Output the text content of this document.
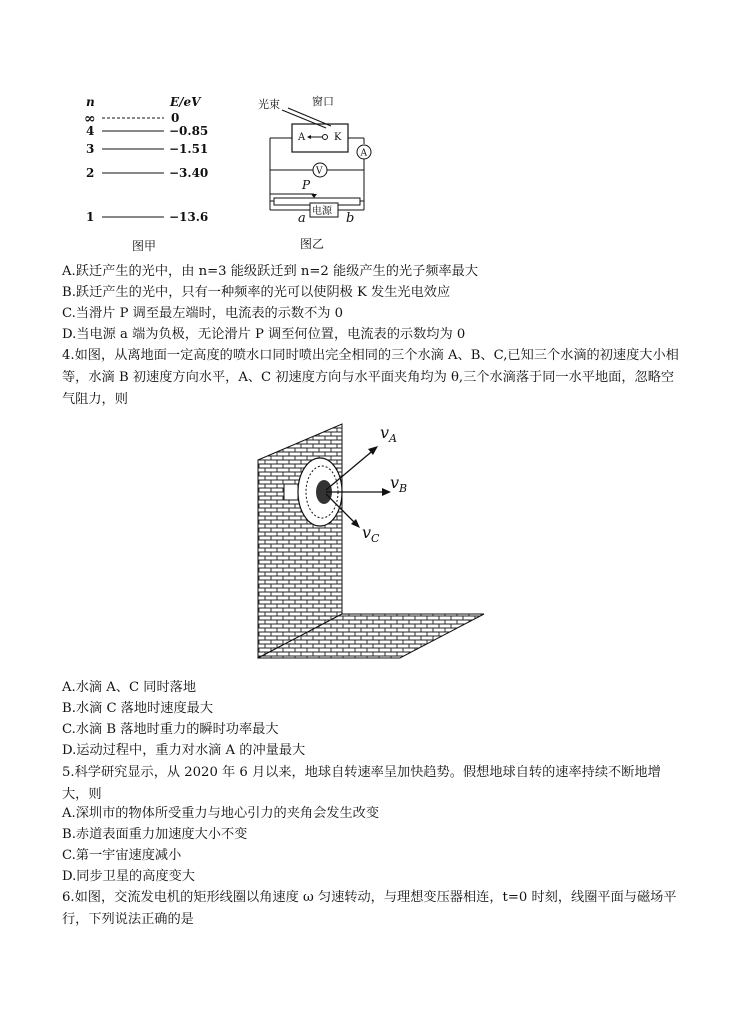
n	E/eV
∞	0
4	−0.85
3	−1.51
2	−3.40
1	−13.6
图甲
光束	窗口
A	K
A
V
P
电源
a	b
图乙
A.跃迁产生的光中，由 n=3 能级跃迁到 n=2 能级产生的光子频率最大
B.跃迁产生的光中，只有一种频率的光可以使阴极 K 发生光电效应
C.当滑片 P 调至最左端时，电流表的示数不为 0
D.当电源 a 端为负极，无论滑片 P 调至何位置，电流表的示数均为 0
4.如图，从离地面一定高度的喷水口同时喷出完全相同的三个水滴 A、B、C,已知三个水滴的初速度大小相等，水滴 B 初速度方向水平，A、C 初速度方向与水平面夹角均为 θ,三个水滴落于同一水平地面，忽略空气阻力，则
$v_A$
$v_B$
$v_C$
A.水滴 A、C 同时落地
B.水滴 C 落地时速度最大
C.水滴 B 落地时重力的瞬时功率最大
D.运动过程中，重力对水滴 A 的冲量最大
5.科学研究显示，从 2020 年 6 月以来，地球自转速率呈加快趋势。假想地球自转的速率持续不断地增大，则
A.深圳市的物体所受重力与地心引力的夹角会发生改变
B.赤道表面重力加速度大小不变
C.第一宇宙速度减小
D.同步卫星的高度变大
6.如图，交流发电机的矩形线圈以角速度 ω 匀速转动，与理想变压器相连，t=0 时刻，线圈平面与磁场平行，下列说法正确的是
